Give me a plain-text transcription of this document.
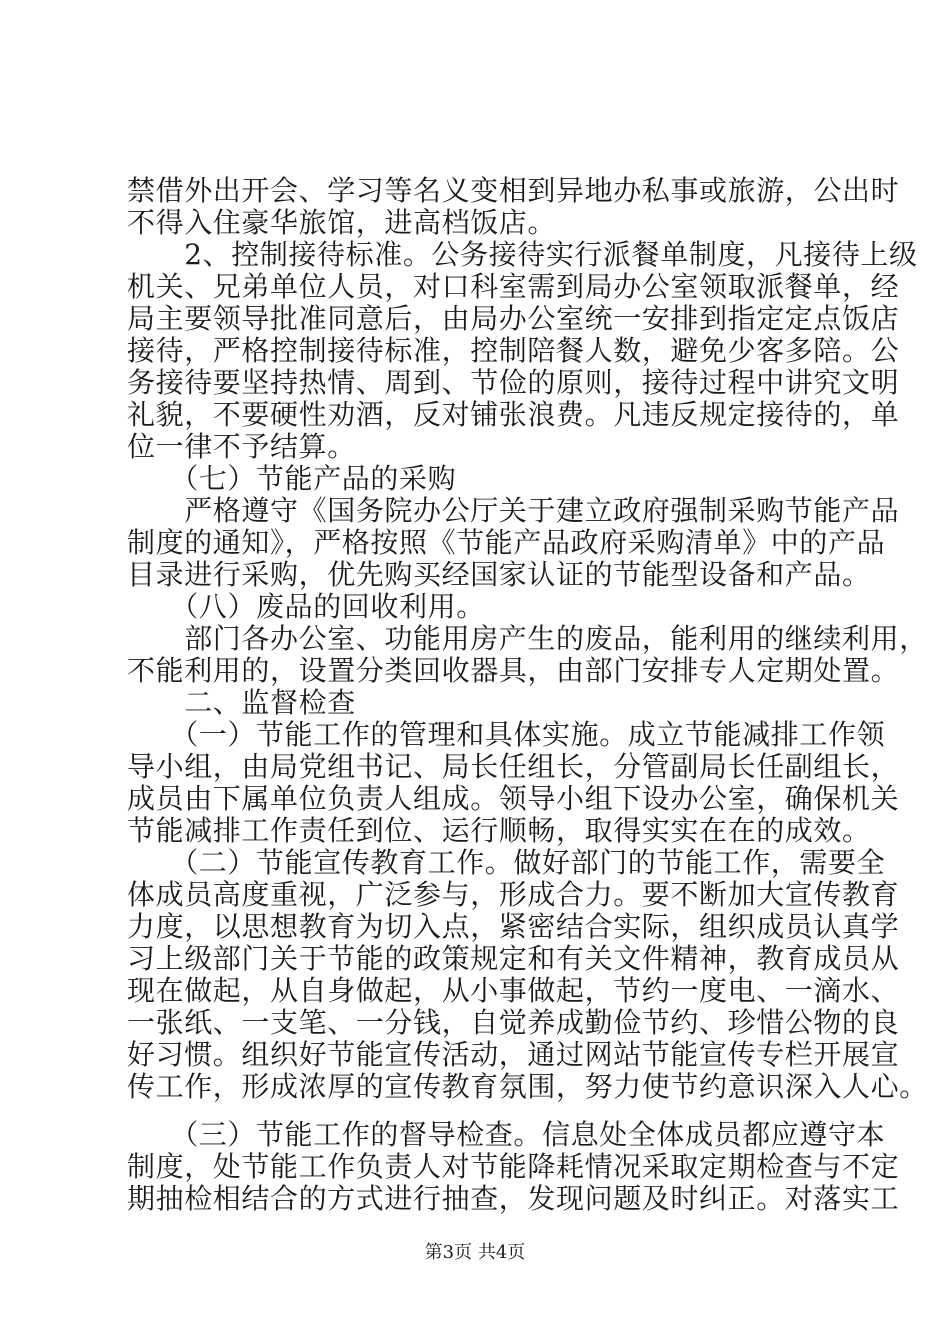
禁借外出开会、学习等名义变相到异地办私事或旅游，公出时
不得入住豪华旅馆，进高档饭店。
　　2、控制接待标准。公务接待实行派餐单制度，凡接待上级
机关、兄弟单位人员，对口科室需到局办公室领取派餐单，经
局主要领导批准同意后，由局办公室统一安排到指定定点饭店
接待，严格控制接待标准，控制陪餐人数，避免少客多陪。公
务接待要坚持热情、周到、节俭的原则，接待过程中讲究文明
礼貌，不要硬性劝酒，反对铺张浪费。凡违反规定接待的，单
位一律不予结算。
　　（七）节能产品的采购
　　严格遵守《国务院办公厅关于建立政府强制采购节能产品
制度的通知》，严格按照《节能产品政府采购清单》中的产品
目录进行采购，优先购买经国家认证的节能型设备和产品。
　　（八）废品的回收利用。
　　部门各办公室、功能用房产生的废品，能利用的继续利用，
不能利用的，设置分类回收器具，由部门安排专人定期处置。
　　二、监督检查
　　（一）节能工作的管理和具体实施。成立节能减排工作领
导小组，由局党组书记、局长任组长，分管副局长任副组长，
成员由下属单位负责人组成。领导小组下设办公室，确保机关
节能减排工作责任到位、运行顺畅，取得实实在在的成效。
　　（二）节能宣传教育工作。做好部门的节能工作，需要全
体成员高度重视，广泛参与，形成合力。要不断加大宣传教育
力度，以思想教育为切入点，紧密结合实际，组织成员认真学
习上级部门关于节能的政策规定和有关文件精神，教育成员从
现在做起，从自身做起，从小事做起，节约一度电、一滴水、
一张纸、一支笔、一分钱，自觉养成勤俭节约、珍惜公物的良
好习惯。组织好节能宣传活动，通过网站节能宣传专栏开展宣
传工作，形成浓厚的宣传教育氛围，努力使节约意识深入人心。
　　（三）节能工作的督导检查。信息处全体成员都应遵守本
制度，处节能工作负责人对节能降耗情况采取定期检查与不定
期抽检相结合的方式进行抽查，发现问题及时纠正。对落实工
第3页 共4页
